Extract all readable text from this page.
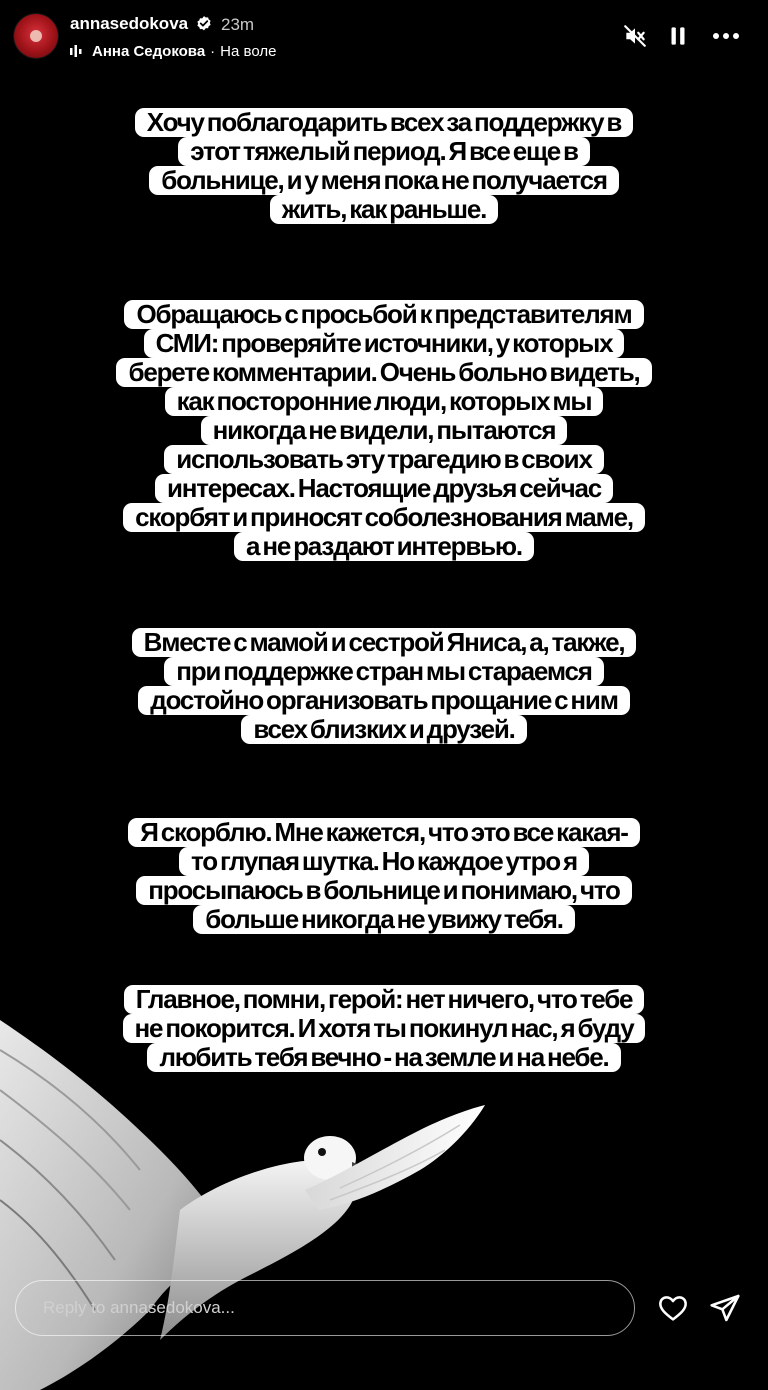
annasedokova 23m
Анна Седокова · На воле
Хочу поблагодарить всех за поддержку в
этот тяжелый период. Я все еще в
больнице, и у меня пока не получается
жить, как раньше.
Обращаюсь с просьбой к представителям
СМИ: проверяйте источники, у которых
берете комментарии. Очень больно видеть,
как посторонние люди, которых мы
никогда не видели, пытаются
использовать эту трагедию в своих
интересах. Настоящие друзья сейчас
скорбят и приносят соболезнования маме,
а не раздают интервью.
Вместе с мамой и сестрой Яниса, а, также,
при поддержке стран мы стараемся
достойно организовать прощание с ним
всех близких и друзей.
Я скорблю. Мне кажется, что это все какая-
то глупая шутка. Но каждое утро я
просыпаюсь в больнице и понимаю, что
больше никогда не увижу тебя.
Главное, помни, герой: нет ничего, что тебе
не покорится. И хотя ты покинул нас, я буду
любить тебя вечно - на земле и на небе.
Reply to annasedokova...
